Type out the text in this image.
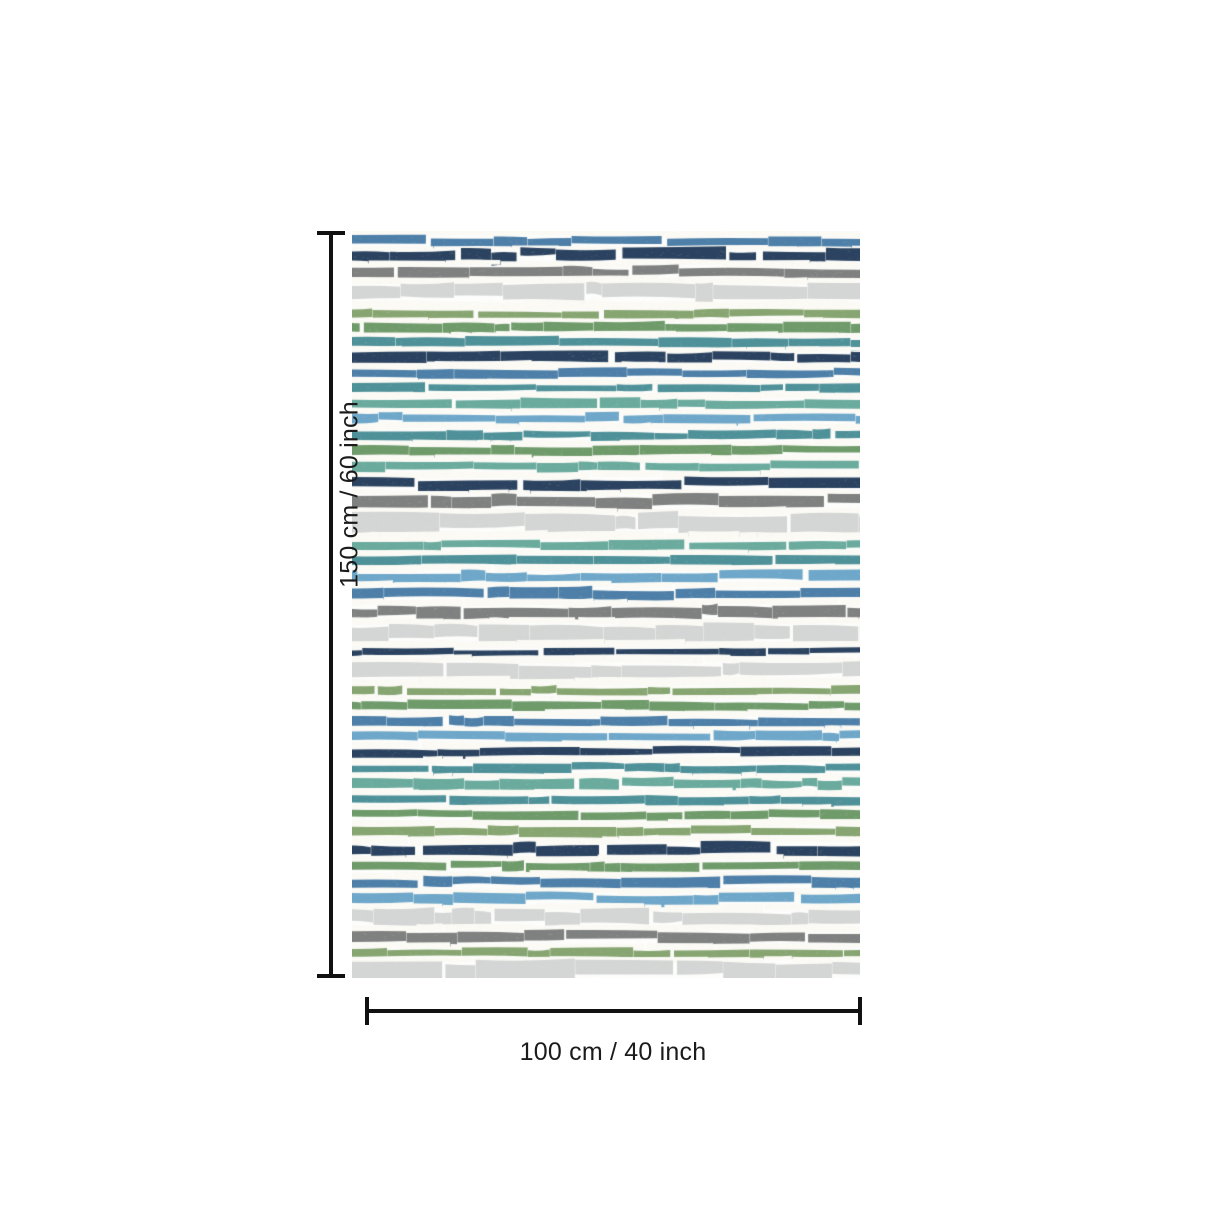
150 cm / 60 inch
100 cm / 40 inch
